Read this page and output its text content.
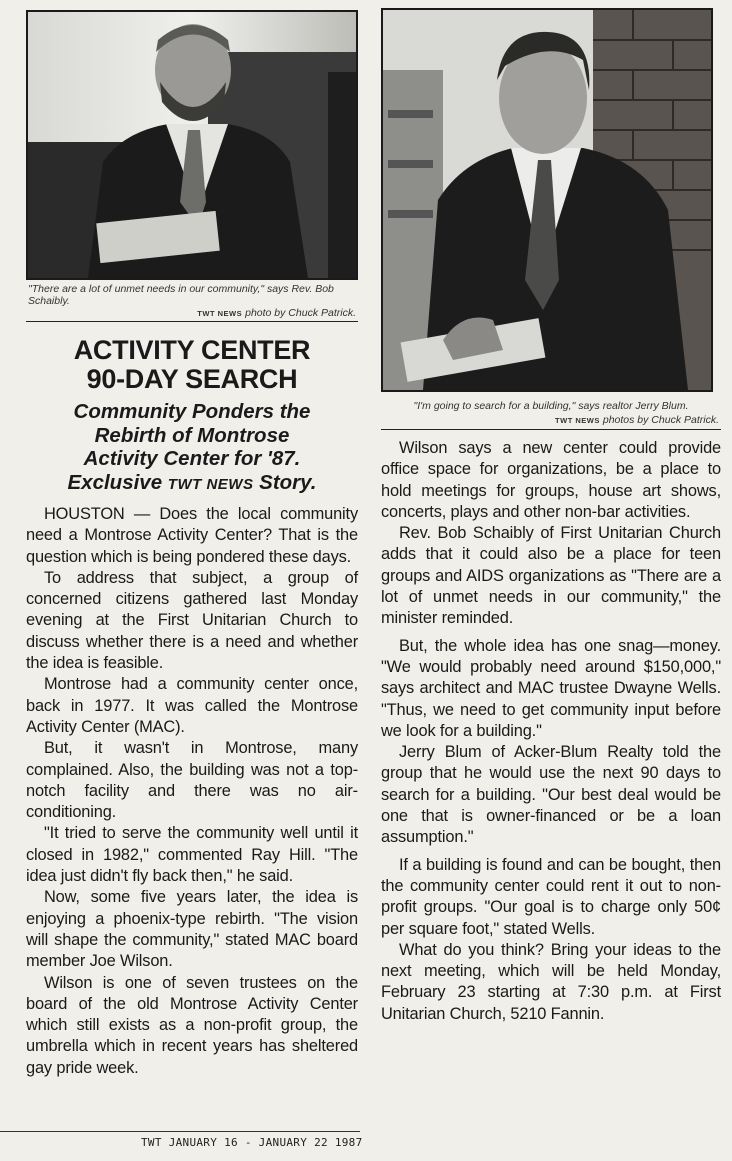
"There are a lot of unmet needs in our community," says Rev. Bob Schaibly.
TWT NEWS photo by Chuck Patrick.
ACTIVITY CENTER
90-DAY SEARCH
Community Ponders the
Rebirth of Montrose
Activity Center for '87.
Exclusive TWT NEWS Story.

HOUSTON — Does the local community need a Montrose Activity Center? That is the question which is being pondered these days.

To address that subject, a group of concerned citizens gathered last Monday evening at the First Unitarian Church to discuss whether there is a need and whether the idea is feasible.

Montrose had a community center once, back in 1977. It was called the Montrose Activity Center (MAC).

But, it wasn't in Montrose, many complained. Also, the building was not a top-notch facility and there was no air-conditioning.

"It tried to serve the community well until it closed in 1982," commented Ray Hill. "The idea just didn't fly back then," he said.

Now, some five years later, the idea is enjoying a phoenix-type rebirth. "The vision will shape the community," stated MAC board member Joe Wilson.

Wilson is one of seven trustees on the board of the old Montrose Activity Center which still exists as a non-profit group, the umbrella which in recent years has sheltered gay pride week.

"I'm going to search for a building," says realtor Jerry Blum.
TWT NEWS photos by Chuck Patrick.

Wilson says a new center could provide office space for organizations, be a place to hold meetings for groups, house art shows, concerts, plays and other non-bar activities.

Rev. Bob Schaibly of First Unitarian Church adds that it could also be a place for teen groups and AIDS organizations as "There are a lot of unmet needs in our community," the minister reminded.

But, the whole idea has one snag—money. "We would probably need around $150,000," says architect and MAC trustee Dwayne Wells. "Thus, we need to get community input before we look for a building."

Jerry Blum of Acker-Blum Realty told the group that he would use the next 90 days to search for a building. "Our best deal would be one that is owner-financed or be a loan assumption."

If a building is found and can be bought, then the community center could rent it out to non-profit groups. "Our goal is to charge only 50¢ per square foot," stated Wells.

What do you think? Bring your ideas to the next meeting, which will be held Monday, February 23 starting at 7:30 p.m. at First Unitarian Church, 5210 Fannin.

TWT JANUARY 16 - JANUARY 22 1987
